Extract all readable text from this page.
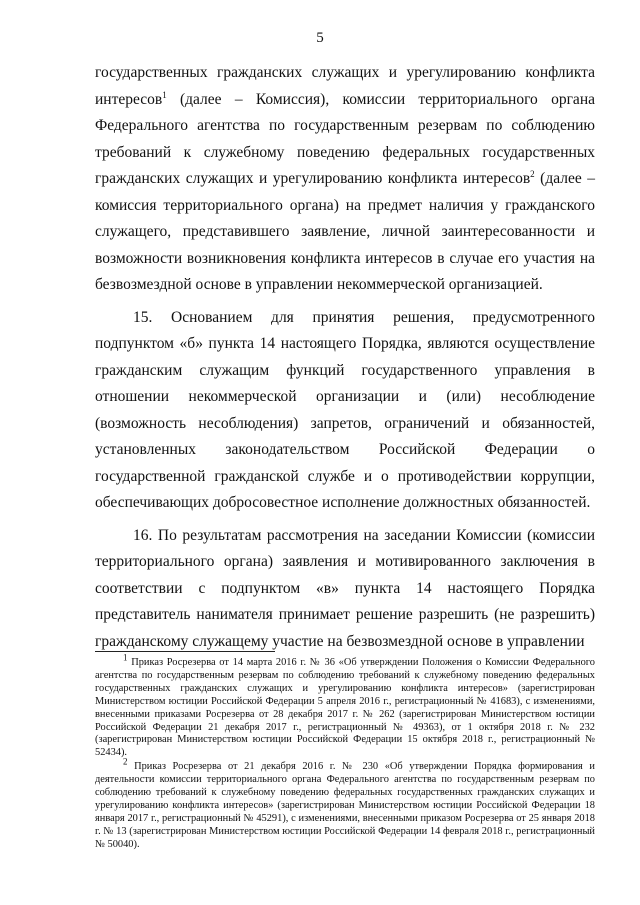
5

государственных гражданских служащих и урегулированию конфликта интересов$^1$ (далее – Комиссия), комиссии территориального органа Федерального агентства по государственным резервам по соблюдению требований к служебному поведению федеральных государственных гражданских служащих и урегулированию конфликта интересов$^2$ (далее – комиссия территориального органа) на предмет наличия у гражданского служащего, представившего заявление, личной заинтересованности и возможности возникновения конфликта интересов в случае его участия на безвозмездной основе в управлении некоммерческой организацией.

15. Основанием для принятия решения, предусмотренного подпунктом «б» пункта 14 настоящего Порядка, являются осуществление гражданским служащим функций государственного управления в отношении некоммерческой организации и (или) несоблюдение (возможность несоблюдения) запретов, ограничений и обязанностей, установленных законодательством Российской Федерации о государственной гражданской службе и о противодействии коррупции, обеспечивающих добросовестное исполнение должностных обязанностей.

16. По результатам рассмотрения на заседании Комиссии (комиссии территориального органа) заявления и мотивированного заключения в соответствии с подпунктом «в» пункта 14 настоящего Порядка представитель нанимателя принимает решение разрешить (не разрешить) гражданскому служащему участие на безвозмездной основе в управлении

$^1$ Приказ Росрезерва от 14 марта 2016 г. № 36 «Об утверждении Положения о Комиссии Федерального агентства по государственным резервам по соблюдению требований к служебному поведению федеральных государственных гражданских служащих и урегулированию конфликта интересов» (зарегистрирован Министерством юстиции Российской Федерации 5 апреля 2016 г., регистрационный № 41683), с изменениями, внесенными приказами Росрезерва от 28 декабря 2017 г. № 262 (зарегистрирован Министерством юстиции Российской Федерации 21 декабря 2017 г., регистрационный № 49363), от 1 октября 2018 г. № 232 (зарегистрирован Министерством юстиции Российской Федерации 15 октября 2018 г., регистрационный № 52434).

$^2$ Приказ Росрезерва от 21 декабря 2016 г. № 230 «Об утверждении Порядка формирования и деятельности комиссии территориального органа Федерального агентства по государственным резервам по соблюдению требований к служебному поведению федеральных государственных гражданских служащих и урегулированию конфликта интересов» (зарегистрирован Министерством юстиции Российской Федерации 18 января 2017 г., регистрационный № 45291), с изменениями, внесенными приказом Росрезерва от 25 января 2018 г. № 13 (зарегистрирован Министерством юстиции Российской Федерации 14 февраля 2018 г., регистрационный № 50040).
